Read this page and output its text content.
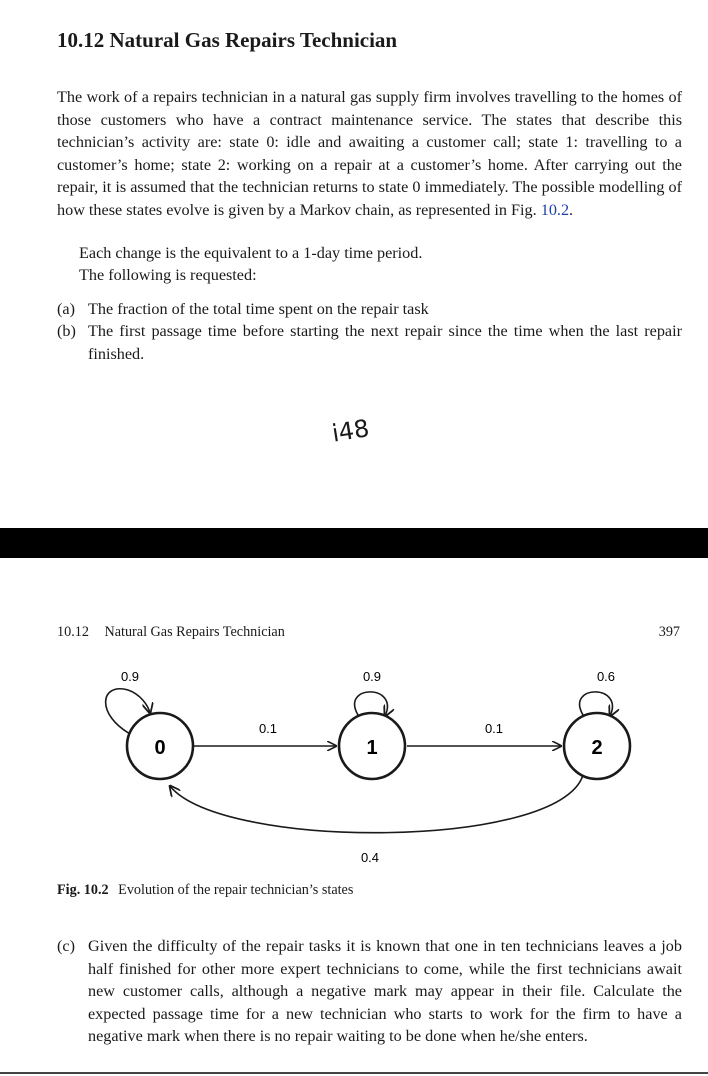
10.12 Natural Gas Repairs Technician

The work of a repairs technician in a natural gas supply firm involves travelling to the homes of those customers who have a contract maintenance service. The states that describe this technician’s activity are: state 0: idle and awaiting a customer call; state 1: travelling to a customer’s home; state 2: working on a repair at a customer’s home. After carrying out the repair, it is assumed that the technician returns to state 0 immediately. The possible modelling of how these states evolve is given by a Markov chain, as represented in Fig. 10.2.

Each change is the equivalent to a 1-day time period.

The following is requested:

(a) The fraction of the total time spent on the repair task
(b) The first passage time before starting the next repair since the time when the last repair finished.
i48
10.12 Natural Gas Repairs Technician	397
0	1	2
0.9	0.9	0.6
0.1	0.1
0.4
Fig. 10.2 Evolution of the repair technician’s states
(c) Given the difficulty of the repair tasks it is known that one in ten technicians leaves a job half finished for other more expert technicians to come, while the first technicians await new customer calls, although a negative mark may appear in their file. Calculate the expected passage time for a new technician who starts to work for the firm to have a negative mark when there is no repair waiting to be done when he/she enters.
